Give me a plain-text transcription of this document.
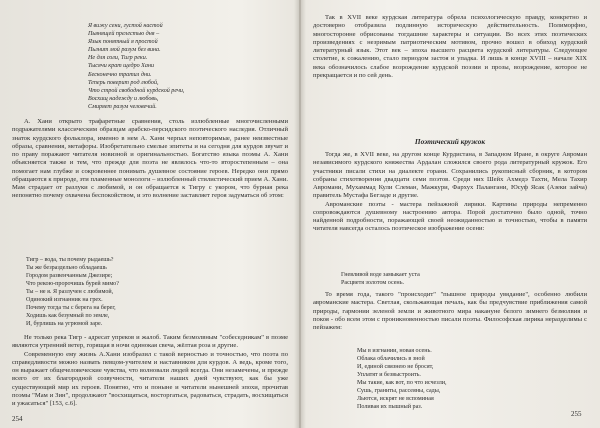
Я вижу сени, густой настой
Пьянящей прелестью дня –
Язык понятный я простой
Пьлнит мой разум без вина.
Не для соли, Тигр реки.
Тысячи крат щедро Хани
Бесконечно тратил дни.
Теперь поверит род любой,
Что строй свободной курдской речи,
Восхищ надежду и любовь,
Смиряет разум человечий.

А. Хани открыто трафаретные сравнения, столь излюбленные многочисленными подражателями классическим образцам арабско-персидского поэтического наследия. Отличный знаток курдского фольклора, именно в нем А. Хани черпал неповторимые, ранее неизвестные образы, сравнения, метафоры. Изобретательно смелые эпитеты и на сегодня для курдов звучат и по праву поражают читателя новизной и оригинальностью. Богатство языка поэмы А. Хани объясняется также и тем, что прежде для поэта не являлось что-то второстепенным – она помогает нам глубже и сокровеннее понимать душевное состояние героев. Нередко они прямо обращаются к природе, эти пламенные монологи – излюбленный стилистический прием А. Хани. Мам страдает от разлуки с любимой, и он обращается к Тигру с укором, что бурная река непонятно почему охвачена беспокойством, и это волнение заставляет героя задуматься об этом:

Тигр – вода, ты почему рыдаешь?
Ты же безраздельно обладаешь
Городом развенчанным Джезире;
Что рекою-пророчишь бурей мимо?
Ты – не я. Я разлучен с любимой,
Одинокий изгнанник на грех.
Почему тогда ты с берега на берег,
Ходишь как безумный по земле,
И, бурлишь на угрюмой заре.

Не только река Тигр - адресат упреков и жалоб. Таким безмолвным "собеседникам" в поэме являются утренний ветер, горящая в ночи одинокая свеча, жёлтая роза и другие.

Современную ему жизнь А.Хани изобразил с такой верностью и точностью, что поэта по справедливости можно назвать певцом-учителем и наставником для курдов. А ведь, кроме того, он выражает общечеловеческие чувства, что волновали людей всегда. Они незамечены, и прежде всего от их благородной созвучности, читатели наших дней чувствуют, как бы уже существующий мир их героев. Понятно, что и поныне и читатели нынешней эпохи, прочитав поэмы "Мам и Зин", продолжают "восхищаться, восторгаться, радоваться, страдать, восхищаться и ужасаться" [153, с.6].

254

Так в XVII веке курдская литература обрела психологическую правду, конкретно и достоверно отобразила подлинную историческую действительность. Полиморфно, многосторонне обрисованы тогдашние характеры и ситуации. Во всех этих поэтических произведениях с незримым патриотическим мотивом, прочно вошел в обиход курдский литературный язык. Этот век – эпоха высшего расцвета курдской литературы. Следующее столетие, к сожалению, стало периодом застоя и упадка. И лишь в конце XVIII – начале XIX века обозначилось слабое возрождение курдской поэзии и прозы, возрождение, которое не прекращается и по сей день.

Поэтический кружок

Тогда же, в XVII веке, на другом конце Курдистана, в Западном Иране, в округе Авроман независимого курдского княжества Ардалан сложился своего рода литературный кружок. Его участники писали стихи на диалекте горани. Сохранились рукописный сборник, в котором собраны стихотворения двадцати семи поэтов. Среди них Шейх Ахмедэ Тахти, Мела Тахир Авромани, Мухаммад Кули Слеман, Мажкури, Фархух Палангани, Юсуф Ясак (Азеки зайча) правитель Мустафа Бегзаде и другие.

Авроманские поэты - мастера пейзажной лирики. Картины природы непременно сопровождаются душевному настроению автора. Порой достаточно было одной, точно найденной подробности, поражающей своей неожиданностью и точностью, чтобы в памяти читателя навсегда осталось поэтическое изображение осени:

Гневливой воде замыкает уста
Расцветя золотом осень.

То время года, такого "происходит" "пышное природы увядание", особенно любили авроманские мастера. Светлая, скольжающая печаль, как бы предчувствие приближения самой природы, гармонии зеленой земли и животного мира накануне белого зимнего безмолвия и покоя - обо всем этом с проникновенностью писали поэты. Философская лирика неразделимы с пейзажем:

Мы в изгнании, новая осень.
Облака облачились в зной
И, единой связнею не бросят,
Уплатят и безвыстроить.
Мы такие, как вот, по что исчезли,
Сушь, граниты, рассеяны, сады,
Льются, искрят не вспоминая
Поливая их пышный раз.
255
